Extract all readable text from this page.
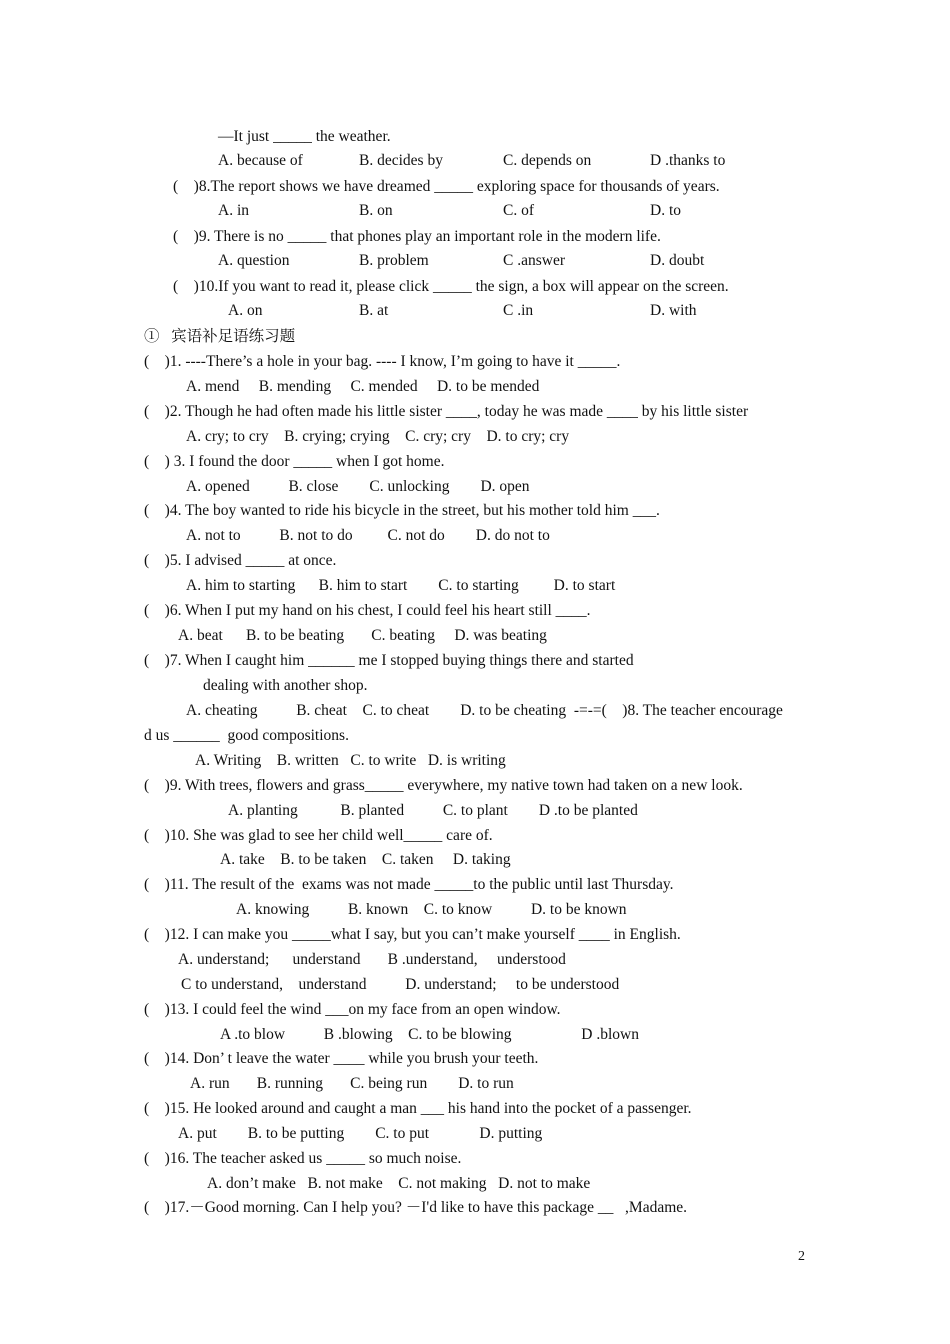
—It just _____ the weather.
A. because of	B. decides by	C. depends on	D .thanks to
(    )8.The report shows we have dreamed _____ exploring space for thousands of years.
A. in	B. on	C. of	D. to
(    )9. There is no _____ that phones play an important role in the modern life.
A. question	B. problem	C .answer	D. doubt
(    )10.If you want to read it, please click _____ the sign, a box will appear on the screen.
A. on	B. at	C .in	D. with
①   宾语补足语练习题
(    )1. ----There’s a hole in your bag. ---- I know, I’m going to have it _____.
A. mend     B. mending     C. mended     D. to be mended
(    )2. Though he had often made his little sister ____, today he was made ____ by his little sister
A. cry; to cry    B. crying; crying    C. cry; cry    D. to cry; cry
(    ) 3. I found the door _____ when I got home.
A. opened          B. close        C. unlocking        D. open
(    )4. The boy wanted to ride his bicycle in the street, but his mother told him ___.
A. not to          B. not to do         C. not do        D. do not to
(    )5. I advised _____ at once.
A. him to starting      B. him to start        C. to starting         D. to start
(    )6. When I put my hand on his chest, I could feel his heart still ____.
A. beat      B. to be beating       C. beating     D. was beating
(    )7. When I caught him ______ me I stopped buying things there and started
dealing with another shop.
A. cheating          B. cheat    C. to cheat        D. to be cheating  -=-=(    )8. The teacher encourage
d us ______  good compositions.
A. Writing    B. written   C. to write   D. is writing
(    )9. With trees, flowers and grass_____ everywhere, my native town had taken on a new look.
A. planting           B. planted          C. to plant        D .to be planted
(    )10. She was glad to see her child well_____ care of.
A. take    B. to be taken    C. taken     D. taking
(    )11. The result of the  exams was not made _____to the public until last Thursday.
A. knowing          B. known    C. to know          D. to be known
(    )12. I can make you _____what I say, but you can’t make yourself ____ in English.
A. understand;      understand       B .understand,     understood
C to understand,    understand          D. understand;     to be understood
(    )13. I could feel the wind ___on my face from an open window.
A .to blow          B .blowing    C. to be blowing                  D .blown
(    )14. Don’ t leave the water ____ while you brush your teeth.
A. run       B. running       C. being run        D. to run
(    )15. He looked around and caught a man ___ his hand into the pocket of a passenger.
A. put        B. to be putting        C. to put             D. putting
(    )16. The teacher asked us _____ so much noise.
A. don’t make   B. not make    C. not making   D. not to make
(    )17.－Good morning. Can I help you? －I'd like to have this package __   ,Madame.
2
